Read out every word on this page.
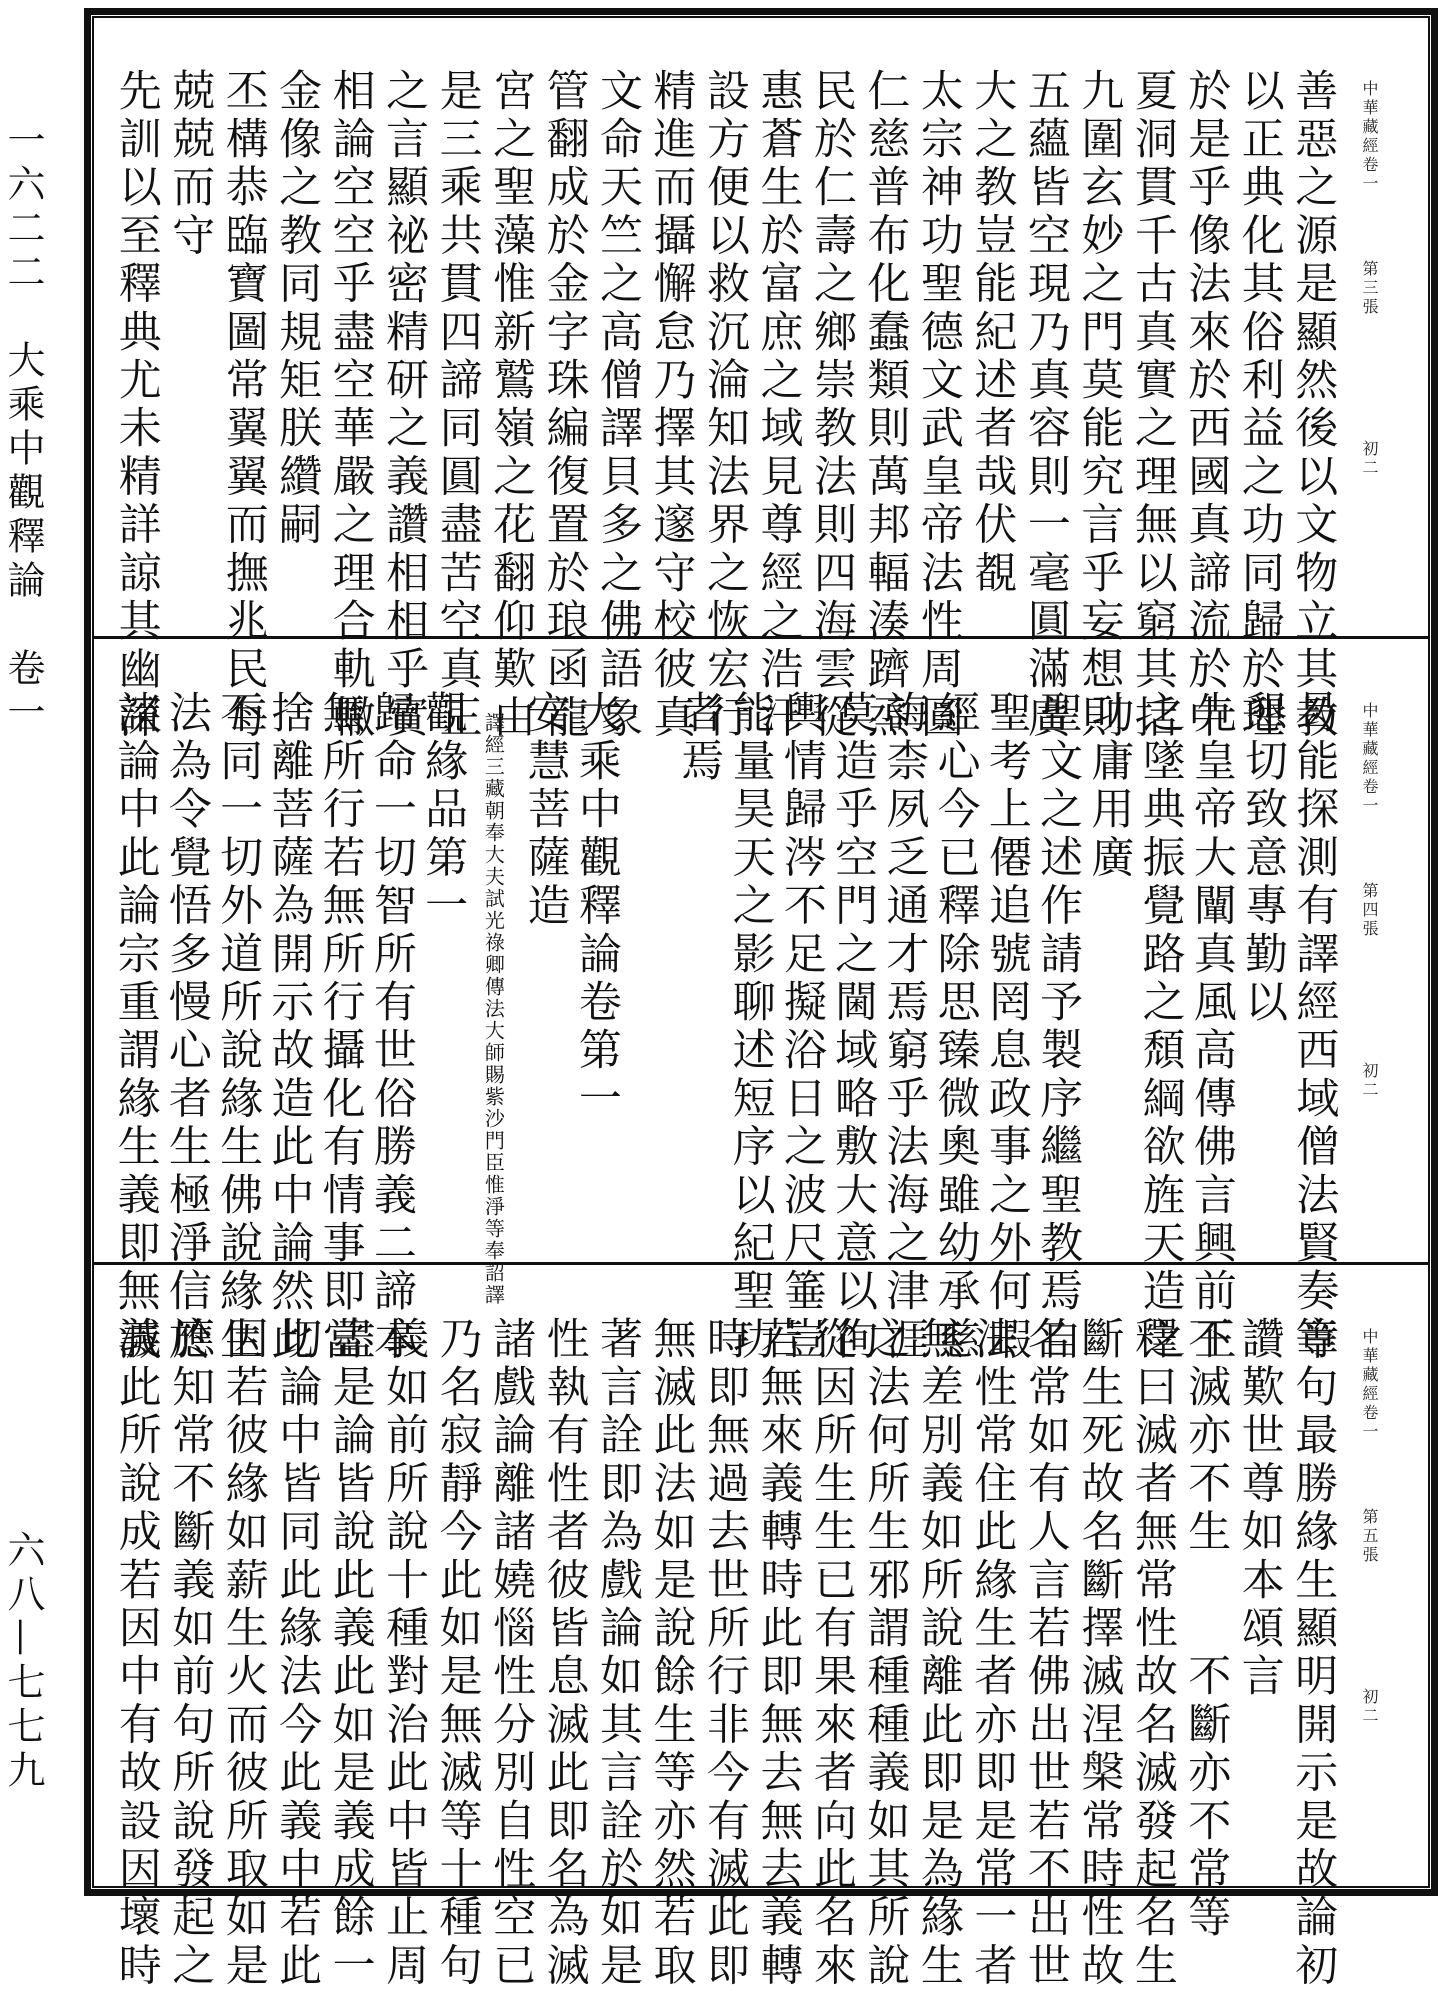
一六二二　大乘中觀釋論　卷一
六八—七七九
善惡之源是顯然後以文物立其教
以正典化其俗利益之功同歸於理
於是乎像法來於西國真諦流於中
夏洞貫千古真實之理無以窮其括
九圍玄妙之門莫能究言乎妄想則
五蘊皆空現乃真容則一毫圓滿廣
大之教豈能紀述者哉伏覩
太宗神功聖德文武皇帝法性周圓
仁慈普布化蠢類則萬邦輻湊躋烝
民於仁壽之鄉崇教法則四海雲從
惠蒼生於富庶之域見尊經之浩汗
設方便以救沉淪知法界之恢宏行
精進而攝懈怠乃擇其邃守校彼真
文命天竺之高僧譯貝多之佛語象
管翻成於金字珠編復置於琅函龍
宮之聖藻惟新鷲嶺之花翻仰歎由
是三乘共貫四諦同圓盡苦空真正
之言顯祕密精研之義讚相相乎實
相論空空乎盡空華嚴之理合軌轍
金像之教同規矩朕纘嗣
丕構恭臨寶圖常翼翼而撫兆民每
兢兢而守
先訓以至釋典尤未精詳諒其幽深	中華藏經卷一
第三張
初二
曷能探測有譯經西域僧法賢奏章
懇切致意專勤以
先皇帝大闡真風高傳佛言興前王
之墜典振覺路之頹綱欲旌天造之
功庸用廣
聖文之述作請予製序繼聖教焉自
聖考上僊追號罔息政事之外何暇
經心今已釋除思臻微奧雖幼承慈
誨柰夙乏通才焉窮乎法海之津涯
莫造乎空門之閫域略敷大意以徇
輿情歸涔不足擬浴日之波尺箠豈
能量昊天之影聊述短序以紀聖功
者焉
大乘中觀釋論卷第一
安慧菩薩造
譯經三藏朝奉大夫試光祿卿傳法大師賜紫沙門臣惟淨等奉詔譯
觀緣品第一
歸命一切智所有世俗勝義二諦本
無所行若無所行攝化有情事即當
捨離菩薩為開示故造此中論然此
不同一切外道所說緣生佛說緣生
法為令覺悟多慢心者生極淨信於
諸論中此論宗重謂緣生義即無滅	中華藏經卷一
第四張
初二
等句最勝緣生顯明開示是故論初
讚歎世尊如本頌言
不滅亦不生　　不斷亦不常等
釋曰滅者無常性故名滅發起名生
斷生死故名斷擇滅涅槃常時性故
名常如有人言若佛出世若不出世
法性常住此緣生者亦即是常一者
無差別義如所說離此即是為緣生
之法何所生邪謂種種義如其所說
從因所生生已有果來者向此名來
若無來義轉時此即無去無去義轉
時即無過去世所行非今有滅此即
無滅此法如是說餘生等亦然若取
著言詮即為戲論如其言詮於如是
性執有性者彼皆息滅此即名為滅
諸戲論離諸嬈惱性分別自性空已
乃名寂靜今此如是無滅等十種句
義如前所說十種對治此中皆止周
盡是論皆說此義此如是義成餘一
切論中皆同此緣法今此義中若此
因若彼緣如薪生火而彼所取如是
應知常不斷義如前句所說發起之
義此所說成若因中有故設因壞時	中華藏經卷一
第五張
初二
